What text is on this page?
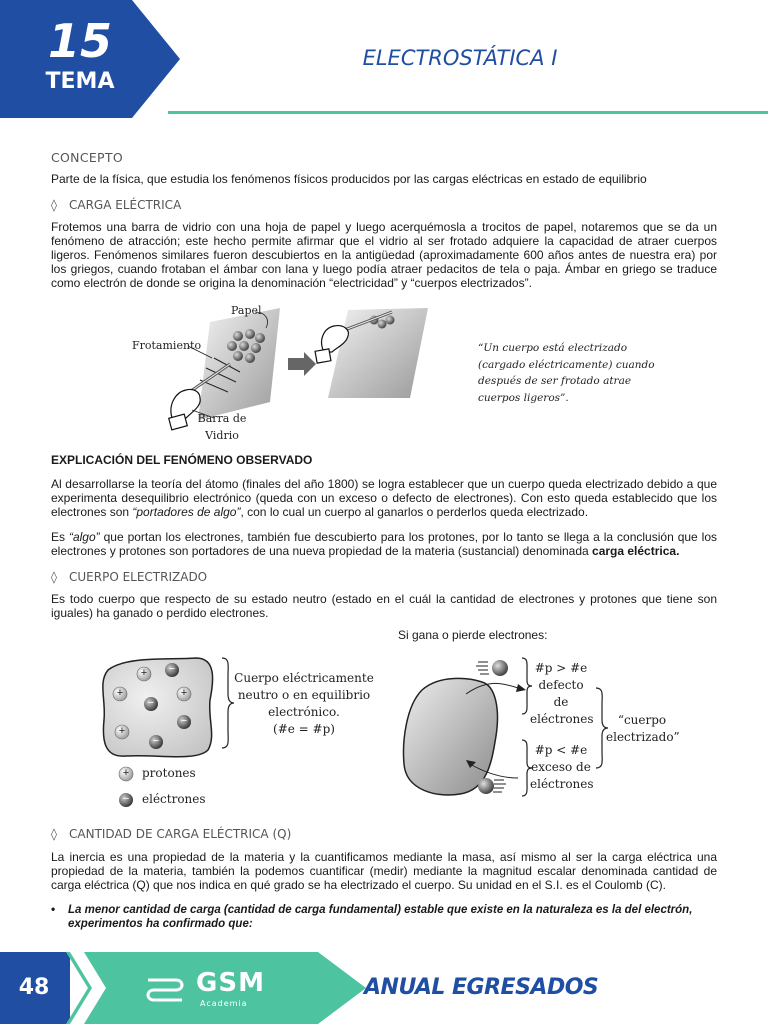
15
TEMA
ELECTROSTÁTICA I
CONCEPTO
Parte de la física, que estudia los fenómenos físicos producidos por las cargas eléctricas en estado de equilibrio
◊ CARGA ELÉCTRICA
Frotemos una barra de vidrio con una hoja de papel y luego acerquémosla a trocitos de papel, notaremos que se da un fenómeno de atracción; este hecho permite afirmar que el vidrio al ser frotado adquiere la capacidad de atraer cuerpos ligeros. Fenómenos similares fueron descubiertos en la antigüedad (aproximadamente 600 años antes de nuestra era) por los griegos, cuando frotaban el ámbar con lana y luego podía atraer pedacitos de tela o paja. Ámbar en griego se traduce como electrón de donde se origina la denominación “electricidad” y “cuerpos electrizados”.
Papel
Frotamiento
Barra de
Vidrio
“Un cuerpo está electrizado
(cargado eléctricamente) cuando
después de ser frotado atrae
cuerpos ligeros”.
EXPLICACIÓN DEL FENÓMENO OBSERVADO
Al desarrollarse la teoría del átomo (finales del año 1800) se logra establecer que un cuerpo queda electrizado debido a que experimenta desequilibrio electrónico (queda con un exceso o defecto de electrones). Con esto queda establecido que los electrones son “portadores de algo”, con lo cual un cuerpo al ganarlos o perderlos queda electrizado.
Es “algo” que portan los electrones, también fue descubierto para los protones, por lo tanto se llega a la conclusión que los electrones y protones son portadores de una nueva propiedad de la materia (sustancial) denominada carga eléctrica.
◊ CUERPO ELECTRIZADO
Es todo cuerpo que respecto de su estado neutro (estado en el cuál la cantidad de electrones y protones que tiene son iguales) ha ganado o perdido electrones.
Si gana o pierde electrones:
+ −
+
−
+
−
+
−
+
−
protones
eléctrones
Cuerpo eléctricamente
neutro o en equilibrio
electrónico.
(#e = #p)
#p > #e
defecto de
eléctrones
#p < #e
exceso de
eléctrones
“cuerpo
electrizado”
◊ CANTIDAD DE CARGA ELÉCTRICA (Q)
La inercia es una propiedad de la materia y la cuantificamos mediante la masa, así mismo al ser la carga eléctrica una propiedad de la materia, también la podemos cuantificar (medir) mediante la magnitud escalar denominada cantidad de carga eléctrica (Q) que nos indica en qué grado se ha electrizado el cuerpo. Su unidad en el S.I. es el Coulomb (C).
•	La menor cantidad de carga (cantidad de carga fundamental) estable que existe en la naturaleza es la del electrón, experimentos ha confirmado que:
GSM
Academia
48	ANUAL EGRESADOS
